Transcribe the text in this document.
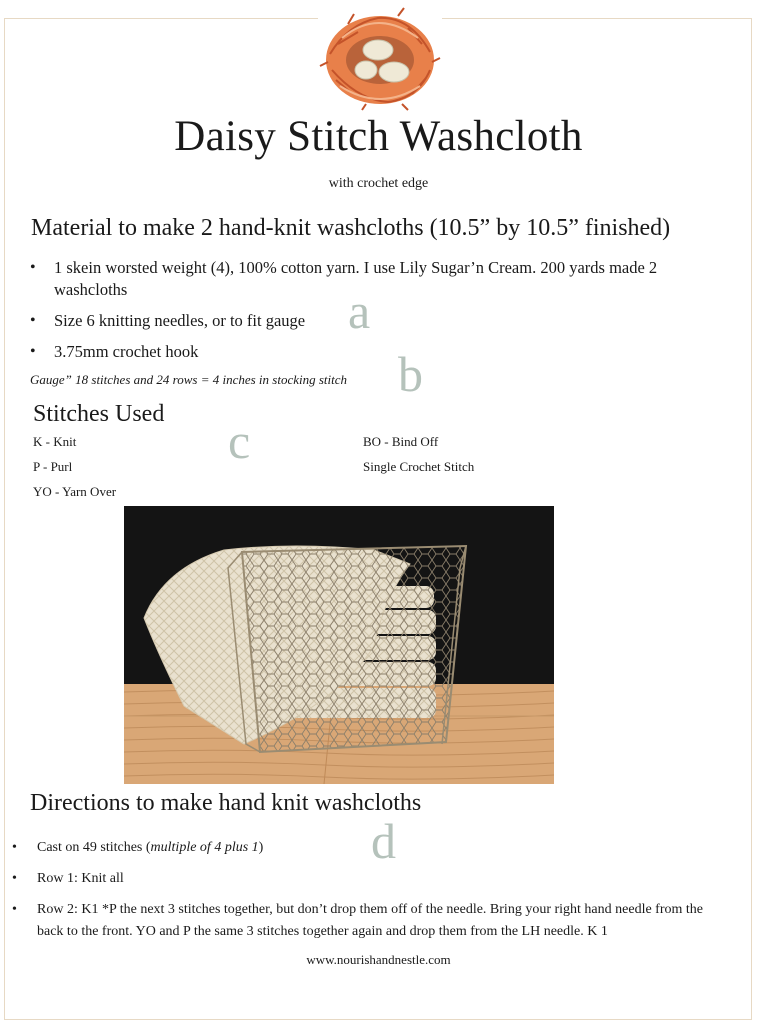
Daisy Stitch Washcloth
with crochet edge
Material to make 2 hand-knit washcloths (10.5” by 10.5” finished)
• 1 skein worsted weight (4), 100% cotton yarn. I use Lily Sugar’n Cream. 200 yards made 2 washcloths
• Size 6 knitting needles, or to fit gauge
• 3.75mm crochet hook
Gauge” 18 stitches and 24 rows = 4 inches in stocking stitch
a
b
c
d
Stitches Used
K - Knit
P - Purl
YO - Yarn Over
BO - Bind Off
Single Crochet Stitch
Directions to make hand knit washcloths
• Cast on 49 stitches (multiple of 4 plus 1)
• Row 1: Knit all
• Row 2: K1 *P the next 3 stitches together, but don’t drop them off of the needle. Bring your right hand needle from the back to the front. YO and P the same 3 stitches together again and drop them from the LH needle. K 1
www.nourishandnestle.com
